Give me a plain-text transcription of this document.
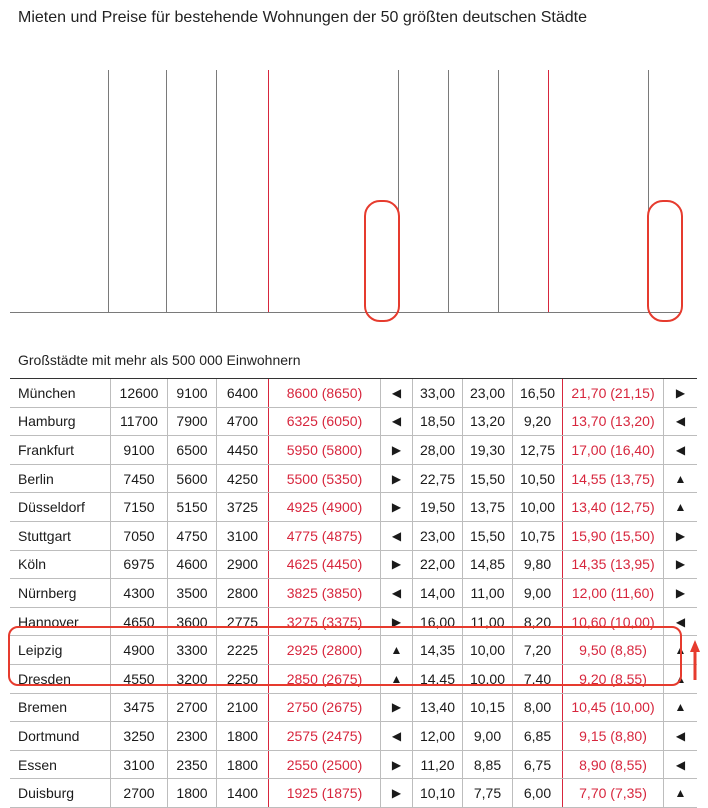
Mieten und Preise für bestehende Wohnungen der 50 größten deutschen Städte
Großstädte mit mehr als 500 000 Einwohnern
München	12600	9100	6400	8600 (8650)	◀	33,00	23,00	16,50	21,70 (21,15)	▶
Hamburg	11700	7900	4700	6325 (6050)	◀	18,50	13,20	9,20	13,70 (13,20)	◀
Frankfurt	9100	6500	4450	5950 (5800)	▶	28,00	19,30	12,75	17,00 (16,40)	◀
Berlin	7450	5600	4250	5500 (5350)	▶	22,75	15,50	10,50	14,55 (13,75)	▲
Düsseldorf	7150	5150	3725	4925 (4900)	▶	19,50	13,75	10,00	13,40 (12,75)	▲
Stuttgart	7050	4750	3100	4775 (4875)	◀	23,00	15,50	10,75	15,90 (15,50)	▶
Köln	6975	4600	2900	4625 (4450)	▶	22,00	14,85	9,80	14,35 (13,95)	▶
Nürnberg	4300	3500	2800	3825 (3850)	◀	14,00	11,00	9,00	12,00 (11,60)	▶
Hannover	4650	3600	2775	3275 (3375)	▶	16,00	11,00	8,20	10,60 (10,00)	◀
Leipzig	4900	3300	2225	2925 (2800)	▲	14,35	10,00	7,20	9,50 (8,85)	▲
Dresden	4550	3200	2250	2850 (2675)	▲	14,45	10,00	7,40	9,20 (8,55)	▲
Bremen	3475	2700	2100	2750 (2675)	▶	13,40	10,15	8,00	10,45 (10,00)	▲
Dortmund	3250	2300	1800	2575 (2475)	◀	12,00	9,00	6,85	9,15 (8,80)	◀
Essen	3100	2350	1800	2550 (2500)	▶	11,20	8,85	6,75	8,90 (8,55)	◀
Duisburg	2700	1800	1400	1925 (1875)	▶	10,10	7,75	6,00	7,70 (7,35)	▲
